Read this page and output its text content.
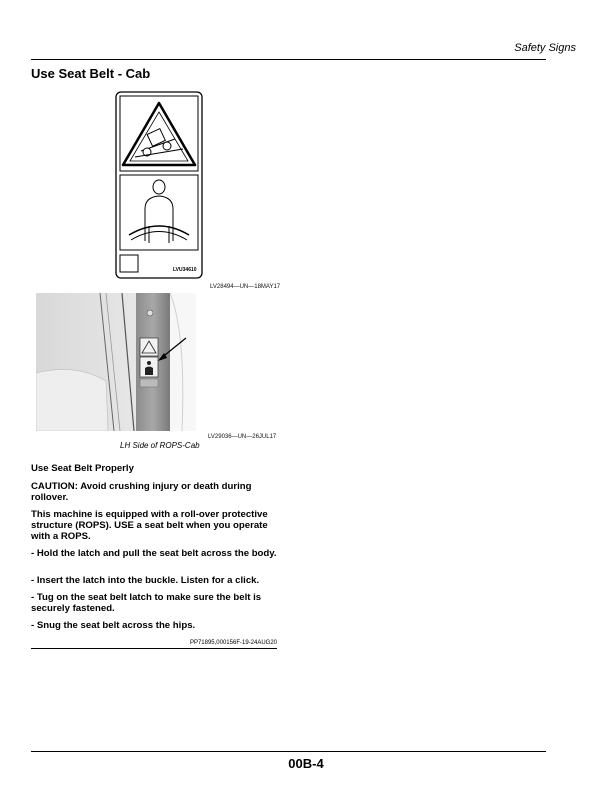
Safety Signs
Use Seat Belt - Cab
LVU34610
LV28494—UN—18MAY17
LV29036—UN—26JUL17
LH Side of ROPS-Cab
Use Seat Belt Properly
CAUTION: Avoid crushing injury or death during rollover.
This machine is equipped with a roll-over protective structure (ROPS). USE a seat belt when you operate with a ROPS.
- Hold the latch and pull the seat belt across the body.
- Insert the latch into the buckle. Listen for a click.
- Tug on the seat belt latch to make sure the belt is securely fastened.
- Snug the seat belt across the hips.
PP71895,000156F-19-24AUG20
00B-4
